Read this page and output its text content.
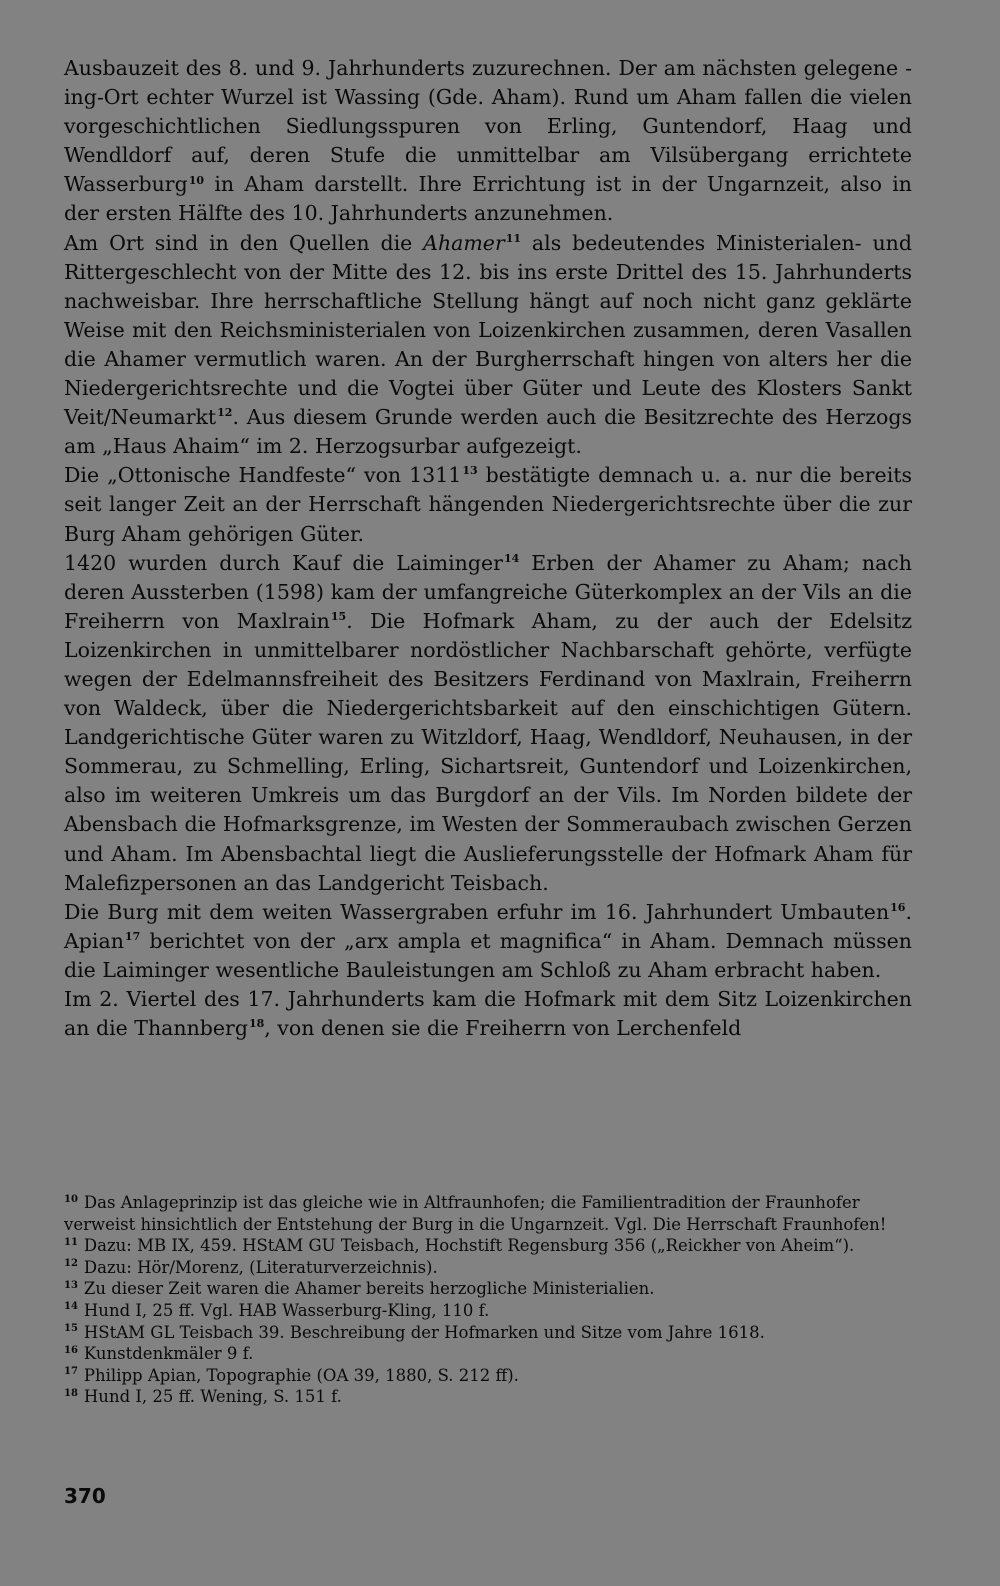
Ausbauzeit des 8. und 9. Jahrhunderts zuzurechnen. Der am nächsten gelegene -ing-Ort echter Wurzel ist Wassing (Gde. Aham). Rund um Aham fallen die vielen vorgeschichtlichen Siedlungsspuren von Erling, Guntendorf, Haag und Wendldorf auf, deren Stufe die unmittelbar am Vilsübergang errichtete Wasserburg$^{10}$ in Aham darstellt. Ihre Errichtung ist in der Ungarnzeit, also in der ersten Hälfte des 10. Jahrhunderts anzunehmen.

Am Ort sind in den Quellen die Ahamer$^{11}$ als bedeutendes Ministerialen- und Rittergeschlecht von der Mitte des 12. bis ins erste Drittel des 15. Jahrhunderts nachweisbar. Ihre herrschaftliche Stellung hängt auf noch nicht ganz geklärte Weise mit den Reichsministerialen von Loizenkirchen zusammen, deren Vasallen die Ahamer vermutlich waren. An der Burgherrschaft hingen von alters her die Niedergerichtsrechte und die Vogtei über Güter und Leute des Klosters Sankt Veit/Neumarkt$^{12}$. Aus diesem Grunde werden auch die Besitzrechte des Herzogs am „Haus Ahaim“ im 2. Herzogsurbar aufgezeigt.

Die „Ottonische Handfeste“ von 1311$^{13}$ bestätigte demnach u. a. nur die bereits seit langer Zeit an der Herrschaft hängenden Niedergerichtsrechte über die zur Burg Aham gehörigen Güter.

1420 wurden durch Kauf die Laiminger$^{14}$ Erben der Ahamer zu Aham; nach deren Aussterben (1598) kam der umfangreiche Güterkomplex an der Vils an die Freiherrn von Maxlrain$^{15}$. Die Hofmark Aham, zu der auch der Edelsitz Loizenkirchen in unmittelbarer nordöstlicher Nachbarschaft gehörte, verfügte wegen der Edelmannsfreiheit des Besitzers Ferdinand von Maxlrain, Freiherrn von Waldeck, über die Niedergerichtsbarkeit auf den einschichtigen Gütern. Landgerichtische Güter waren zu Witzldorf, Haag, Wendldorf, Neuhausen, in der Sommerau, zu Schmelling, Erling, Sichartsreit, Guntendorf und Loizenkirchen, also im weiteren Umkreis um das Burgdorf an der Vils. Im Norden bildete der Abensbach die Hofmarksgrenze, im Westen der Sommeraubach zwischen Gerzen und Aham. Im Abensbachtal liegt die Auslieferungsstelle der Hofmark Aham für Malefizpersonen an das Landgericht Teisbach.

Die Burg mit dem weiten Wassergraben erfuhr im 16. Jahrhundert Umbauten$^{16}$. Apian$^{17}$ berichtet von der „arx ampla et magnifica“ in Aham. Demnach müssen die Laiminger wesentliche Bauleistungen am Schloß zu Aham erbracht haben.

Im 2. Viertel des 17. Jahrhunderts kam die Hofmark mit dem Sitz Loizenkirchen an die Thannberg$^{18}$, von denen sie die Freiherrn von Lerchenfeld

$^{10}$ Das Anlageprinzip ist das gleiche wie in Altfraunhofen; die Familientradition der Fraunhofer verweist hinsichtlich der Entstehung der Burg in die Ungarnzeit. Vgl. Die Herrschaft Fraunhofen!

$^{11}$ Dazu: MB IX, 459. HStAM GU Teisbach, Hochstift Regensburg 356 („Reickher von Aheim“).

$^{12}$ Dazu: Hör/Morenz, (Literaturverzeichnis).

$^{13}$ Zu dieser Zeit waren die Ahamer bereits herzogliche Ministerialien.

$^{14}$ Hund I, 25 ff. Vgl. HAB Wasserburg-Kling, 110 f.

$^{15}$ HStAM GL Teisbach 39. Beschreibung der Hofmarken und Sitze vom Jahre 1618.

$^{16}$ Kunstdenkmäler 9 f.

$^{17}$ Philipp Apian, Topographie (OA 39, 1880, S. 212 ff).

$^{18}$ Hund I, 25 ff. Wening, S. 151 f.

370
